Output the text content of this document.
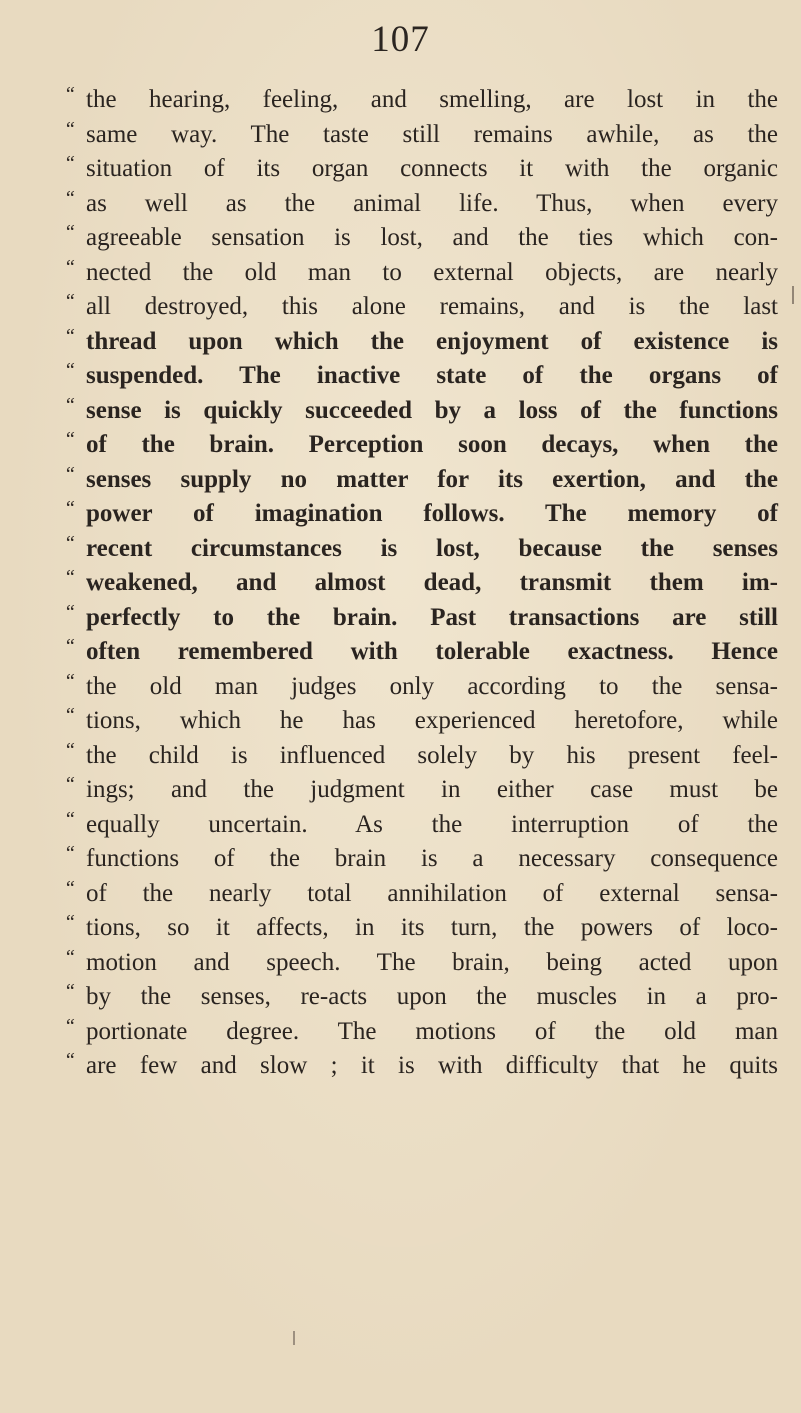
107
“ the hearing, feeling, and smelling, are lost in the
“ same way. The taste still remains awhile, as the
“ situation of its organ connects it with the organic
“ as well as the animal life. Thus, when every
“ agreeable sensation is lost, and the ties which con-
“ nected the old man to external objects, are nearly
“ all destroyed, this alone remains, and is the last
“ thread upon which the enjoyment of existence is
“ suspended. The inactive state of the organs of
“ sense is quickly succeeded by a loss of the functions
“ of the brain. Perception soon decays, when the
“ senses supply no matter for its exertion, and the
“ power of imagination follows. The memory of
“ recent circumstances is lost, because the senses
“ weakened, and almost dead, transmit them im-
“ perfectly to the brain. Past transactions are still
“ often remembered with tolerable exactness. Hence
“ the old man judges only according to the sensa-
“ tions, which he has experienced heretofore, while
“ the child is influenced solely by his present feel-
“ ings; and the judgment in either case must be
“ equally uncertain. As the interruption of the
“ functions of the brain is a necessary consequence
“ of the nearly total annihilation of external sensa-
“ tions, so it affects, in its turn, the powers of loco-
“ motion and speech. The brain, being acted upon
“ by the senses, re-acts upon the muscles in a pro-
“ portionate degree. The motions of the old man
“ are few and slow ; it is with difficulty that he quits
